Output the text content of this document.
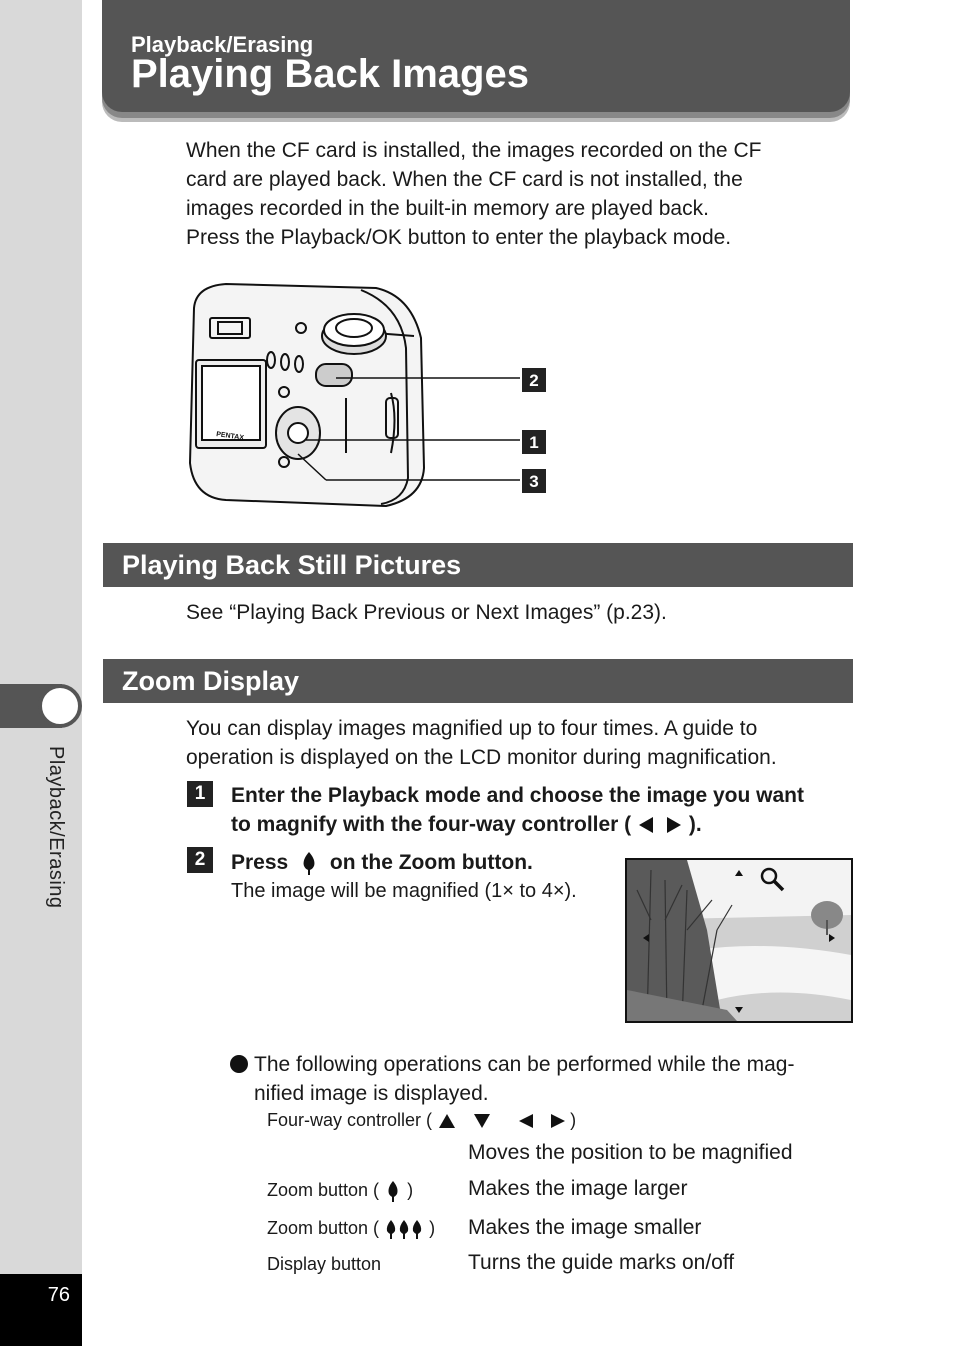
Playback/Erasing
76
Playback/Erasing
Playing Back Images

When the CF card is installed, the images recorded on the CF

card are played back. When the CF card is not installed, the

images recorded in the built-in memory are played back.

Press the Playback/OK button to enter the playback mode.

PENTAX
2
1
3
Playing Back Still Pictures
See “Playing Back Previous or Next Images” (p.23).
Zoom Display
You can display images magnified up to four times. A guide to
operation is displayed on the LCD monitor during magnification.
1	Enter the Playback mode and choose the image you want
to magnify with the four-way controller (	).
2	Press on the Zoom button.
The image will be magnified (1× to 4×).
The following operations can be performed while the mag-
nified image is displayed.
Four-way controller (	)
Moves the position to be magnified
Zoom button ( )	Makes the image larger
Zoom button (	) Makes the image smaller
Display button	Turns the guide marks on/off
